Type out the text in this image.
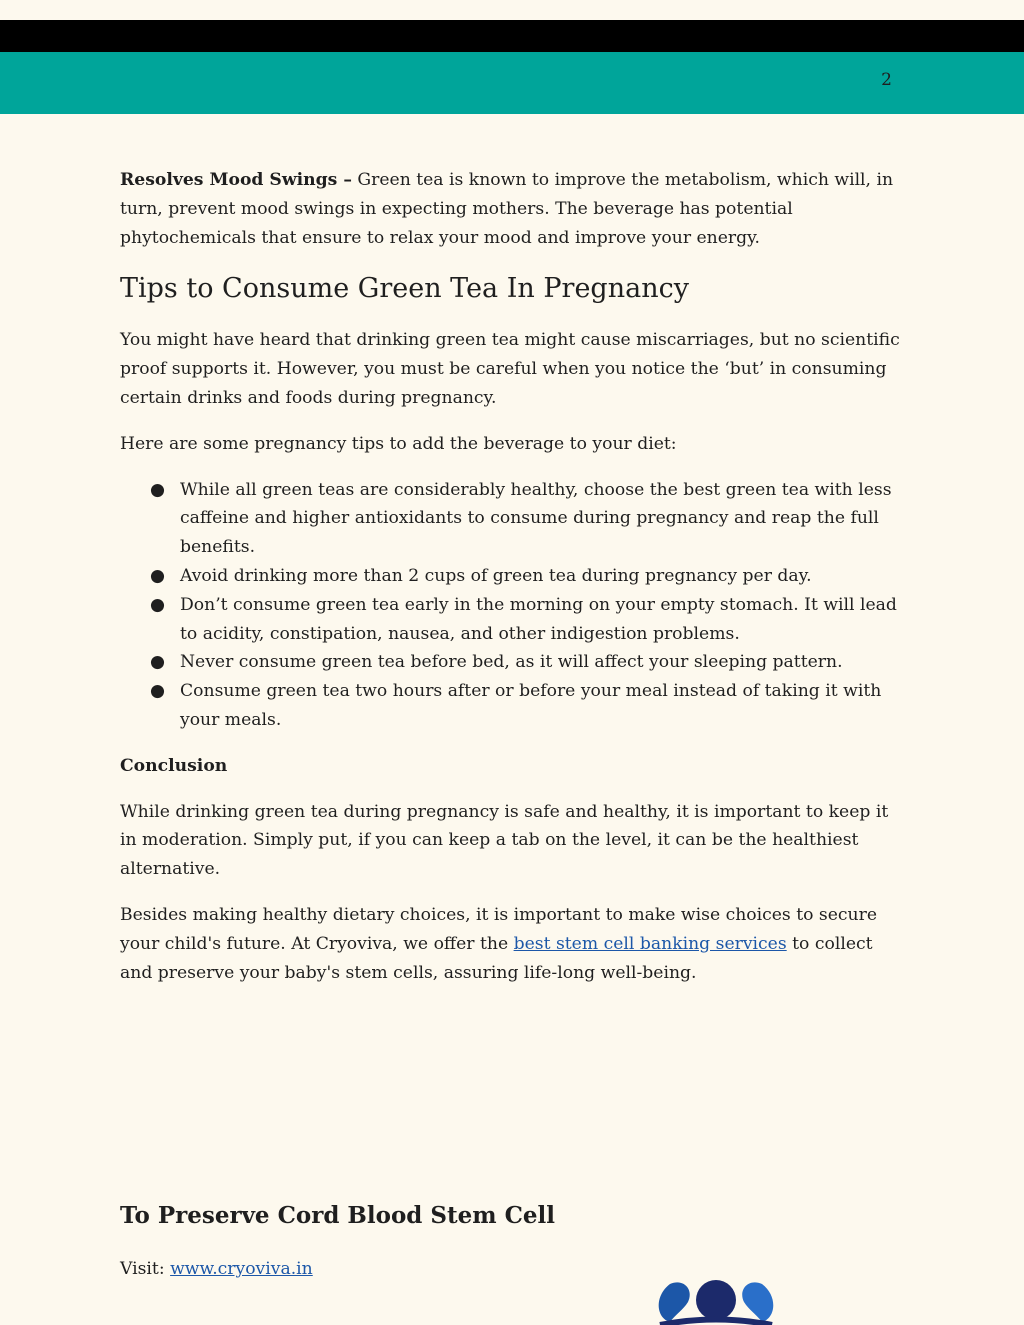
2

Resolves Mood Swings – Green tea is known to improve the metabolism, which will, in turn, prevent mood swings in expecting mothers. The beverage has potential phytochemicals that ensure to relax your mood and improve your energy.

Tips to Consume Green Tea In Pregnancy

You might have heard that drinking green tea might cause miscarriages, but no scientific proof supports it. However, you must be careful when you notice the ‘but’ in consuming certain drinks and foods during pregnancy.

Here are some pregnancy tips to add the beverage to your diet:

● While all green teas are considerably healthy, choose the best green tea with less caffeine and higher antioxidants to consume during pregnancy and reap the full benefits.
● Avoid drinking more than 2 cups of green tea during pregnancy per day.
● Don’t consume green tea early in the morning on your empty stomach. It will lead to acidity, constipation, nausea, and other indigestion problems.
● Never consume green tea before bed, as it will affect your sleeping pattern.
● Consume green tea two hours after or before your meal instead of taking it with your meals.

Conclusion

While drinking green tea during pregnancy is safe and healthy, it is important to keep it in moderation. Simply put, if you can keep a tab on the level, it can be the healthiest alternative.

Besides making healthy dietary choices, it is important to make wise choices to secure your child's future. At Cryoviva, we offer the best stem cell banking services to collect and preserve your baby's stem cells, assuring life-long well-being.

To Preserve Cord Blood Stem Cell
Visit: www.cryoviva.in
